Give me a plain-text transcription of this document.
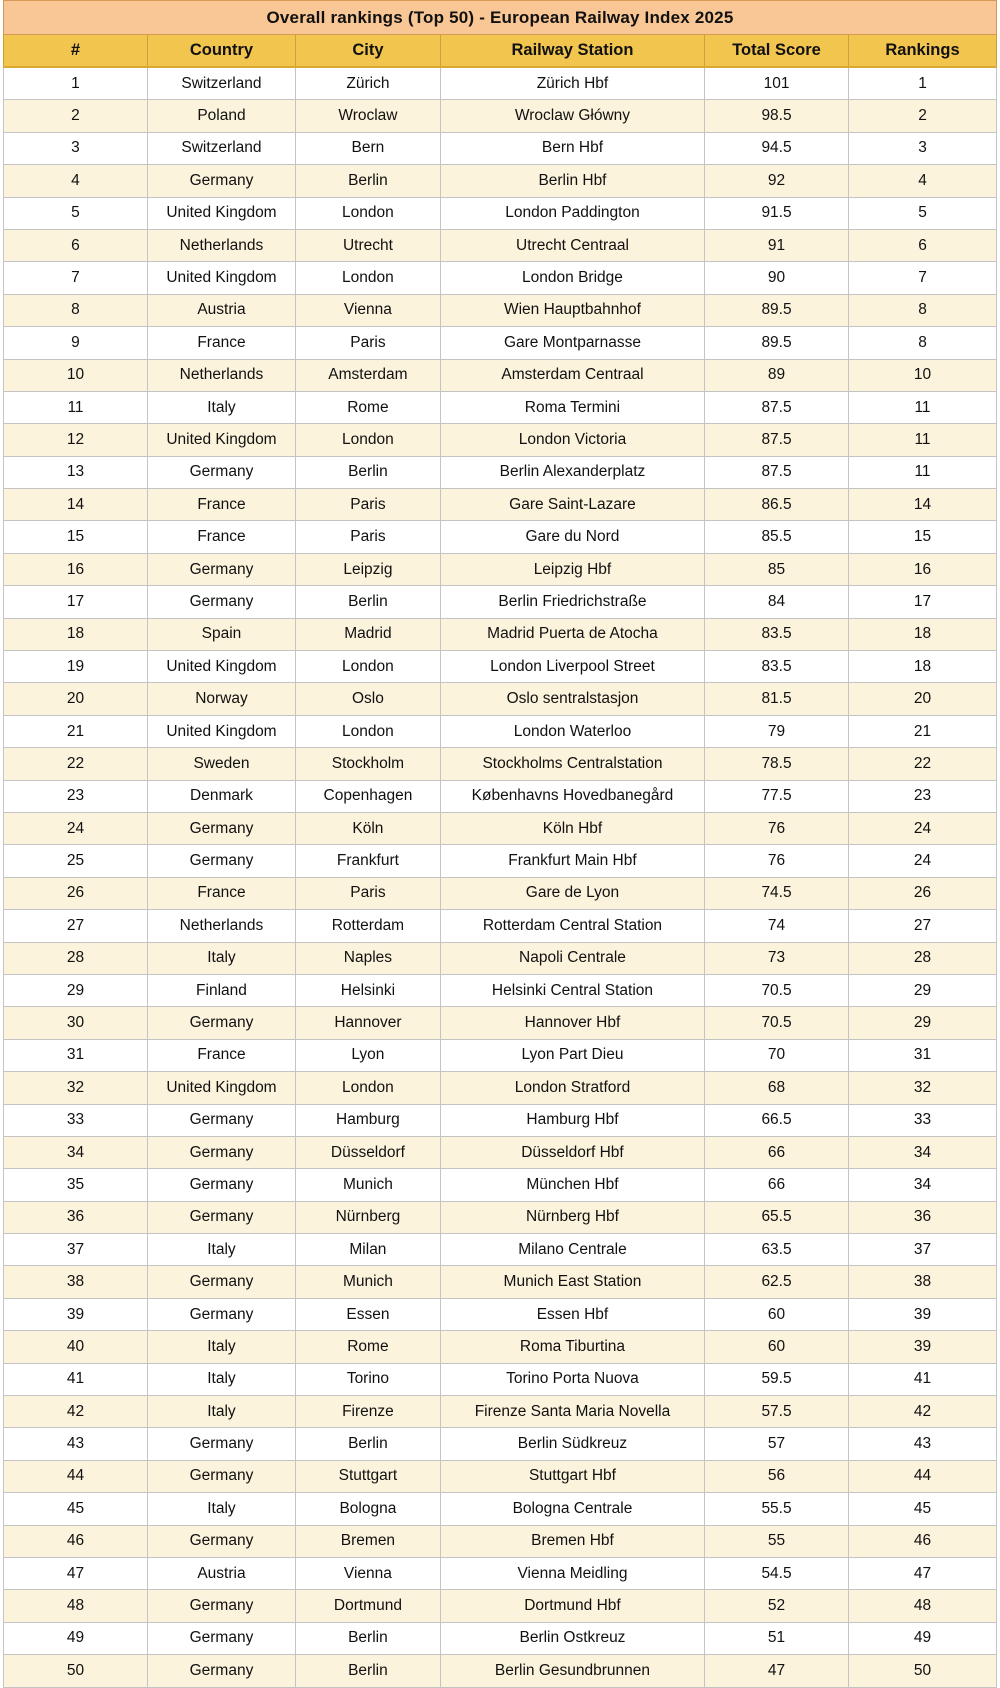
Overall rankings (Top 50) - European Railway Index 2025					
#	Country	City	Railway Station	Total Score	Rankings
1	Switzerland	Zürich	Zürich Hbf	101	1
2	Poland	Wroclaw	Wroclaw Główny	98.5	2
3	Switzerland	Bern	Bern Hbf	94.5	3
4	Germany	Berlin	Berlin Hbf	92	4
5	United Kingdom	London	London Paddington	91.5	5
6	Netherlands	Utrecht	Utrecht Centraal	91	6
7	United Kingdom	London	London Bridge	90	7
8	Austria	Vienna	Wien Hauptbahnhof	89.5	8
9	France	Paris	Gare Montparnasse	89.5	8
10	Netherlands	Amsterdam	Amsterdam Centraal	89	10
11	Italy	Rome	Roma Termini	87.5	11
12	United Kingdom	London	London Victoria	87.5	11
13	Germany	Berlin	Berlin Alexanderplatz	87.5	11
14	France	Paris	Gare Saint-Lazare	86.5	14
15	France	Paris	Gare du Nord	85.5	15
16	Germany	Leipzig	Leipzig Hbf	85	16
17	Germany	Berlin	Berlin Friedrichstraße	84	17
18	Spain	Madrid	Madrid Puerta de Atocha	83.5	18
19	United Kingdom	London	London Liverpool Street	83.5	18
20	Norway	Oslo	Oslo sentralstasjon	81.5	20
21	United Kingdom	London	London Waterloo	79	21
22	Sweden	Stockholm	Stockholms Centralstation	78.5	22
23	Denmark	Copenhagen	Københavns Hovedbanegård	77.5	23
24	Germany	Köln	Köln Hbf	76	24
25	Germany	Frankfurt	Frankfurt Main Hbf	76	24
26	France	Paris	Gare de Lyon	74.5	26
27	Netherlands	Rotterdam	Rotterdam Central Station	74	27
28	Italy	Naples	Napoli Centrale	73	28
29	Finland	Helsinki	Helsinki Central Station	70.5	29
30	Germany	Hannover	Hannover Hbf	70.5	29
31	France	Lyon	Lyon Part Dieu	70	31
32	United Kingdom	London	London Stratford	68	32
33	Germany	Hamburg	Hamburg Hbf	66.5	33
34	Germany	Düsseldorf	Düsseldorf Hbf	66	34
35	Germany	Munich	München Hbf	66	34
36	Germany	Nürnberg	Nürnberg Hbf	65.5	36
37	Italy	Milan	Milano Centrale	63.5	37
38	Germany	Munich	Munich East Station	62.5	38
39	Germany	Essen	Essen Hbf	60	39
40	Italy	Rome	Roma Tiburtina	60	39
41	Italy	Torino	Torino Porta Nuova	59.5	41
42	Italy	Firenze	Firenze Santa Maria Novella	57.5	42
43	Germany	Berlin	Berlin Südkreuz	57	43
44	Germany	Stuttgart	Stuttgart Hbf	56	44
45	Italy	Bologna	Bologna Centrale	55.5	45
46	Germany	Bremen	Bremen Hbf	55	46
47	Austria	Vienna	Vienna Meidling	54.5	47
48	Germany	Dortmund	Dortmund Hbf	52	48
49	Germany	Berlin	Berlin Ostkreuz	51	49
50	Germany	Berlin	Berlin Gesundbrunnen	47	50
